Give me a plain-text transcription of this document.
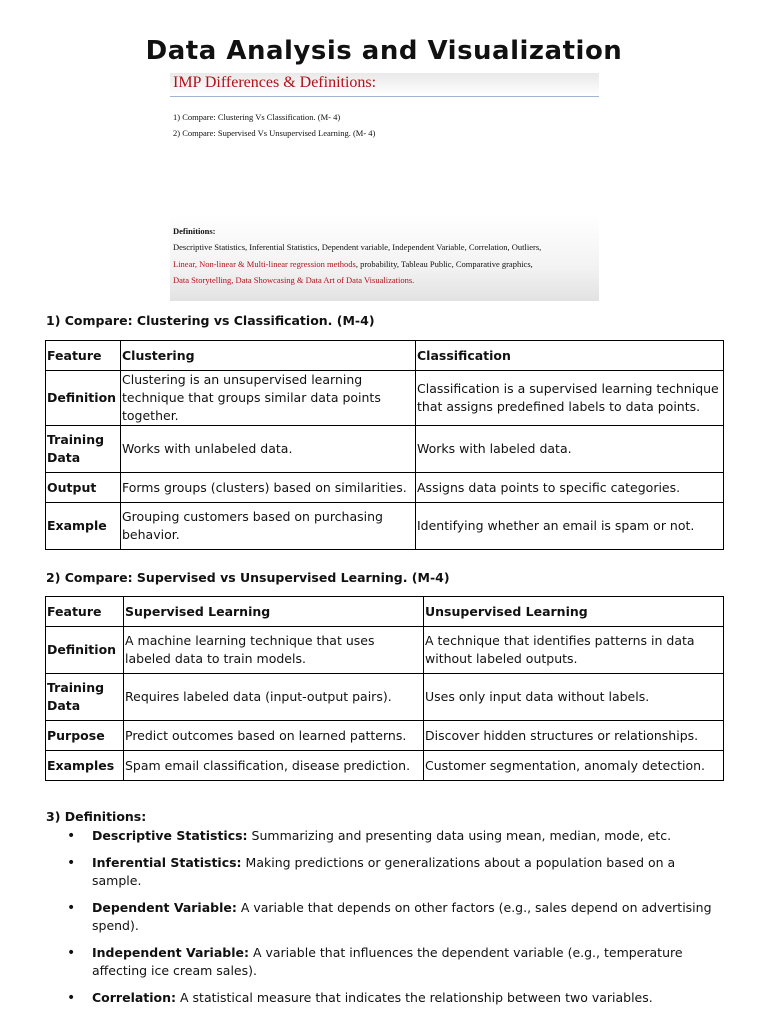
Data Analysis and Visualization
IMP Differences & Definitions:
1) Compare: Clustering Vs Classification. (M- 4)
2) Compare: Supervised Vs Unsupervised Learning. (M- 4)
Definitions:
Descriptive Statistics, Inferential Statistics, Dependent variable, Independent Variable, Correlation, Outliers,
Linear, Non-linear & Multi-linear regression methods, probability, Tableau Public, Comparative graphics,
Data Storytelling, Data Showcasing & Data Art of Data Visualizations.
1) Compare: Clustering vs Classification. (M-4)
Feature	Clustering	Classification
Definition	Clustering is an unsupervised learning technique that groups similar data points together.	Classification is a supervised learning technique that assigns predefined labels to data points.
Training Data	Works with unlabeled data.	Works with labeled data.
Output	Forms groups (clusters) based on similarities.	Assigns data points to specific categories.
Example	Grouping customers based on purchasing behavior.	Identifying whether an email is spam or not.
2) Compare: Supervised vs Unsupervised Learning. (M-4)
Feature	Supervised Learning	Unsupervised Learning
Definition	A machine learning technique that uses labeled data to train models.	A technique that identifies patterns in data without labeled outputs.
Training Data	Requires labeled data (input-output pairs).	Uses only input data without labels.
Purpose	Predict outcomes based on learned patterns.	Discover hidden structures or relationships.
Examples	Spam email classification, disease prediction.	Customer segmentation, anomaly detection.
3) Definitions:
• Descriptive Statistics: Summarizing and presenting data using mean, median, mode, etc.
• Inferential Statistics: Making predictions or generalizations about a population based on a sample.
• Dependent Variable: A variable that depends on other factors (e.g., sales depend on advertising spend).
• Independent Variable: A variable that influences the dependent variable (e.g., temperature affecting ice cream sales).
• Correlation: A statistical measure that indicates the relationship between two variables.
